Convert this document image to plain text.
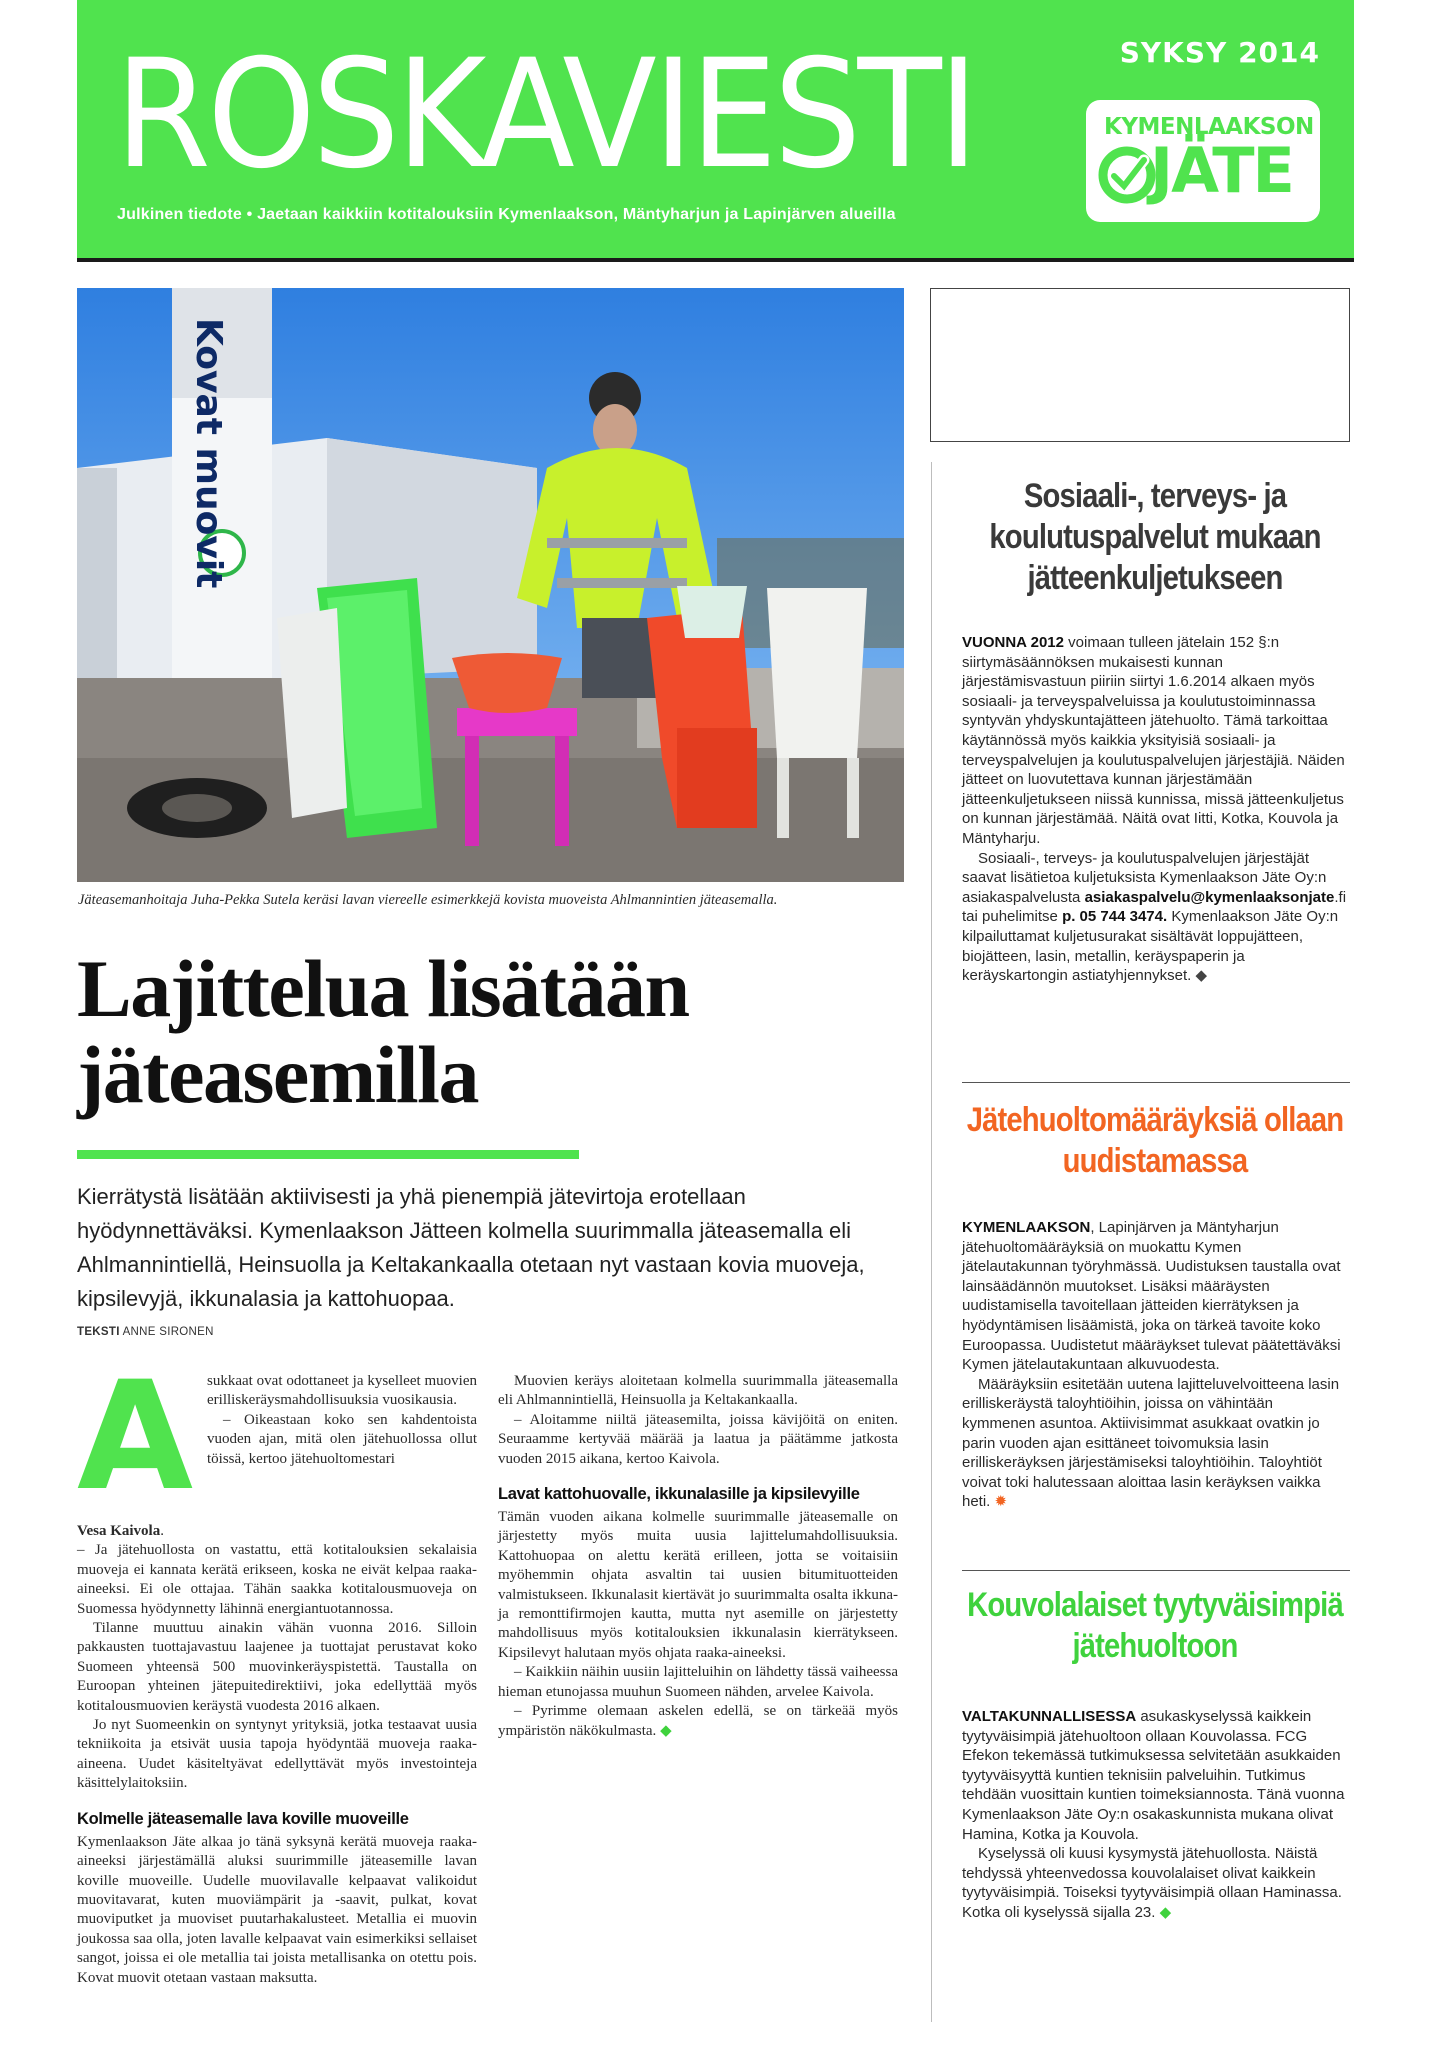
ROSKAVIESTI	SYKSY 2014
Julkinen tiedote • Jaetaan kaikkiin kotitalouksiin Kymenlaakson, Mäntyharjun ja Lapinjärven alueilla
KYMENLAAKSON
JÄTE
Kovat muovit
Jäteasemanhoitaja Juha-Pekka Sutela keräsi lavan viereelle esimerkkejä kovista muoveista Ahlmannintien jäteasemalla.
Lajittelua lisätään
jäteasemilla
Kierrätystä lisätään aktiivisesti ja yhä pienempiä jätevirtoja erotellaan hyödynnettäväksi. Kymenlaakson Jätteen kolmella suurimmalla jäteasemalla eli Ahlmannintiellä, Heinsuolla ja Keltakankaalla otetaan nyt vastaan kovia muoveja, kipsilevyjä, ikkunalasia ja kattohuopaa.
TEKSTI ANNE SIRONEN
A sukkaat ovat odottaneet ja kyselleet muovien erilliskeräysmahdollisuuksia vuosikausia.

– Oikeastaan koko sen kahdentoista vuoden ajan, mitä olen jätehuollossa ollut töissä, kertoo jätehuoltomestari

Vesa Kaivola.

– Ja jätehuollosta on vastattu, että kotitalouksien sekalaisia muoveja ei kannata kerätä erikseen, koska ne eivät kelpaa raaka-aineeksi. Ei ole ottajaa. Tähän saakka kotitalousmuoveja on Suomessa hyödynnetty lähinnä energiantuotannossa.

Tilanne muuttuu ainakin vähän vuonna 2016. Silloin pakkausten tuottajavastuu laajenee ja tuottajat perustavat koko Suomeen yhteensä 500 muovinkeräyspistettä. Taustalla on Euroopan yhteinen jätepuitedirektiivi, joka edellyttää myös kotitalousmuovien keräystä vuodesta 2016 alkaen.

Jo nyt Suomeenkin on syntynyt yrityksiä, jotka testaavat uusia tekniikoita ja etsivät uusia tapoja hyödyntää muoveja raaka-aineena. Uudet käsiteltyävat edellyttävät myös investointeja käsittelylaitoksiin.

Kolmelle jäteasemalle lava koville muoveille

Kymenlaakson Jäte alkaa jo tänä syksynä kerätä muoveja raaka-aineeksi järjestämällä aluksi suurimmille jäteasemille lavan koville muoveille. Uudelle muovilavalle kelpaavat valikoidut muovitavarat, kuten muoviämpärit ja -saavit, pulkat, kovat muoviputket ja muoviset puutarhakalusteet. Metallia ei muovin joukossa saa olla, joten lavalle kelpaavat vain esimerkiksi sellaiset sangot, joissa ei ole metallia tai joista metallisanka on otettu pois. Kovat muovit otetaan vastaan maksutta.

Muovien keräys aloitetaan kolmella suurimmalla jäteasemalla eli Ahlmannintiellä, Heinsuolla ja Keltakankaalla.

– Aloitamme niiltä jäteasemilta, joissa kävijöitä on eniten. Seuraamme kertyvää määrää ja laatua ja päätämme jatkosta vuoden 2015 aikana, kertoo Kaivola.

Lavat kattohuovalle, ikkunalasille ja kipsilevyille

Tämän vuoden aikana kolmelle suurimmalle jäteasemalle on järjestetty myös muita uusia lajittelumahdollisuuksia. Kattohuopaa on alettu kerätä erilleen, jotta se voitaisiin myöhemmin ohjata asvaltin tai uusien bitumituotteiden valmistukseen. Ikkunalasit kiertävät jo suurimmalta osalta ikkuna- ja remonttifirmojen kautta, mutta nyt asemille on järjestetty mahdollisuus myös kotitalouksien ikkunalasin kierrätykseen. Kipsilevyt halutaan myös ohjata raaka-aineeksi.

– Kaikkiin näihin uusiin lajitteluihin on lähdetty tässä vaiheessa hieman etunojassa muuhun Suomeen nähden, arvelee Kaivola.

– Pyrimme olemaan askelen edellä, se on tärkeää myös ympäristön näkökulmasta. ◆

Sosiaali-, terveys- ja koulutuspalvelut mukaan jätteenkuljetukseen

VUONNA 2012 voimaan tulleen jätelain 152 §:n siirtymäsäännöksen mukaisesti kunnan järjestämisvastuun piiriin siirtyi 1.6.2014 alkaen myös sosiaali- ja terveyspalveluissa ja koulutustoiminnassa syntyvän yhdyskuntajätteen jätehuolto. Tämä tarkoittaa käytännössä myös kaikkia yksityisiä sosiaali- ja terveyspalvelujen ja koulutuspalvelujen järjestäjiä. Näiden jätteet on luovutettava kunnan järjestämään jätteenkuljetukseen niissä kunnissa, missä jätteenkuljetus on kunnan järjestämää. Näitä ovat Iitti, Kotka, Kouvola ja Mäntyharju.

Sosiaali-, terveys- ja koulutuspalvelujen järjestäjät saavat lisätietoa kuljetuksista Kymenlaakson Jäte Oy:n asiakaspalvelusta asiakaspalvelu@kymenlaaksonjate.fi tai puhelimitse p. 05 744 3474. Kymenlaakson Jäte Oy:n kilpailuttamat kuljetusurakat sisältävät loppujätteen, biojätteen, lasin, metallin, keräyspaperin ja keräyskartongin astiatyhjennykset. ◆

Jätehuoltomääräyksiä ollaan uudistamassa

KYMENLAAKSON, Lapinjärven ja Mäntyharjun jätehuoltomääräyksiä on muokattu Kymen jätelautakunnan työryhmässä. Uudistuksen taustalla ovat lainsäädännön muutokset. Lisäksi määräysten uudistamisella tavoitellaan jätteiden kierrätyksen ja hyödyntämisen lisäämistä, joka on tärkeä tavoite koko Euroopassa. Uudistetut määräykset tulevat päätettäväksi Kymen jätelautakuntaan alkuvuodesta.

Määräyksiin esitetään uutena lajitteluvelvoitteena lasin erilliskeräystä taloyhtiöihin, joissa on vähintään kymmenen asuntoa. Aktiivisimmat asukkaat ovatkin jo parin vuoden ajan esittäneet toivomuksia lasin erilliskeräyksen järjestämiseksi taloyhtiöihin. Taloyhtiöt voivat toki halutessaan aloittaa lasin keräyksen vaikka heti. ✹

Kouvolalaiset tyytyväisimpiä jätehuoltoon

VALTAKUNNALLISESSA asukaskyselyssä kaikkein tyytyväisimpiä jätehuoltoon ollaan Kouvolassa. FCG Efekon tekemässä tutkimuksessa selvitetään asukkaiden tyytyväisyyttä kuntien teknisiin palveluihin. Tutkimus tehdään vuosittain kuntien toimeksiannosta. Tänä vuonna Kymenlaakson Jäte Oy:n osakaskunnista mukana olivat Hamina, Kotka ja Kouvola.

Kyselyssä oli kuusi kysymystä jätehuollosta. Näistä tehdyssä yhteenvedossa kouvolalaiset olivat kaikkein tyytyväisimpiä. Toiseksi tyytyväisimpiä ollaan Haminassa. Kotka oli kyselyssä sijalla 23. ◆
